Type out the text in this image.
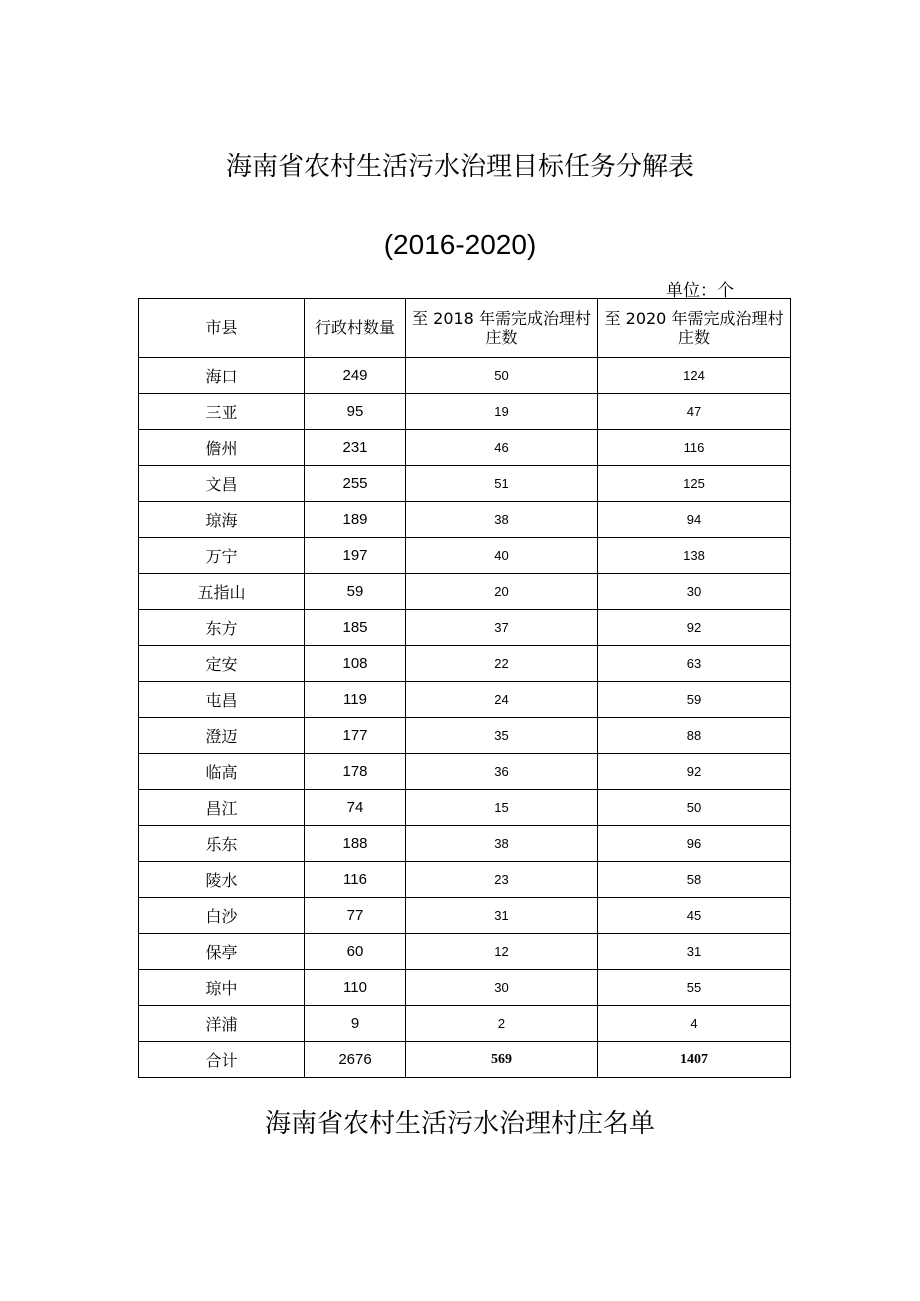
海南省农村生活污水治理目标任务分解表
(2016-2020)
单位：个
市县	行政村数量	至 2018 年需完成治理村庄数	至 2020 年需完成治理村庄数
海口	249	50	124
三亚	95	19	47
儋州	231	46	116
文昌	255	51	125
琼海	189	38	94
万宁	197	40	138
五指山	59	20	30
东方	185	37	92
定安	108	22	63
屯昌	119	24	59
澄迈	177	35	88
临高	178	36	92
昌江	74	15	50
乐东	188	38	96
陵水	116	23	58
白沙	77	31	45
保亭	60	12	31
琼中	110	30	55
洋浦	9	2	4
合计	2676	569	1407
海南省农村生活污水治理村庄名单
